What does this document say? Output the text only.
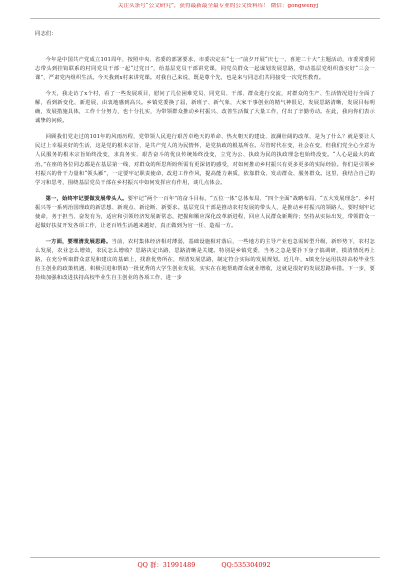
关注头条号“公文研究”，获得最新最全最专业的公文资料库！ 微信：gongwenyj

同志们：

今年是中国共产党成立101周年，按照中央、省委的部署要求，市委决定在“七一”前夕开展“庆七一、喜迎二十大”主题活动，市委常委同志带头到挂钩联系的村同党员干部一起“过党日”，给基层党员干部讲党课，同党员群众一起谋划发展思路，带动基层党组织落实好“三会一课”，严肃党内组织生活。今天我到x村来讲党课。对我自己来说，既是尊个先，也是来与同志们共同接受一次党性教育。

今天，我走访了x个村，看了一些发展项目，慰问了几位困难党员、同党员、干部、群众进行交流，对群众的生产、生活情况进行全面了解，看到新变化、新进展，由衷地感到高兴。乡镇党委换了届，新班子、新气象，大家干事创业的精气神很足，发展思路清晰，发展目标明确，发展措施具体，工作十分努力，也十分扎实，为带领群众推动乡村振兴、改善生活做了大量工作，付出了辛勤劳动。在此，我向你们表示诚挚的问候。

回顾我们党走过的101年的风雨历程，党带领人民进行艰苦卓绝天的革命、热火朝天的建设、波澜壮阔的改革，是为了什么？就是要让人民过上幸福美好的生活，这是党的根本宗旨，是共产党人的为民情怀，是党执政的根基所在。尽管时代在变，社会在变，但我们党全心全意为人民服务的根本宗旨始终没变，求真务实、艰苦奋斗的优良传统始终没变，立党为公、执政为民的执政理念也始终没变。“人心是最大的政治。”在座的各位同志都是在基层第一线，对群众的所思所盼所需有更深切的感受，对如何推动乡村振兴有更多更多的实际经验。你们是引领乡村振兴的骨干力量和“领头雁”，一定要牢记职责使命，改进工作作风，提高能力素质，依靠群众、发动群众、服务群众。这里，我结合自己的学习和思考，围绕基层党员干部在乡村振兴中如何发挥应有作用，谈几点体会。

第一，始终牢记要做发展带头人。要牢记“两个一百年”的奋斗目标，“五位一体”总体布局、“四个全面”战略布局、“五大发展理念”、乡村振兴等一系列治国理政的新思想、新观点、新论断、新要求。基层党员干部是推动农村发展的带头人，是推动乡村振兴的领路人，要时刻牢记使命，务于担当、奋发有为，适应和引领经济发展新常态，把握和顺应深化改革新进程，回应人民群众新期待；坚持从实际出发，带领群众一起做好扶贫开发各项工作，让老百姓生活越来越好，真正做到为官一任、造福一方。

一方面，要理清发展思路。当前，农村集体经济相对薄弱，基础设施相对落后，一些地方的主导产业也急需转型升级，新形势下，农村怎么发展，农业怎么增效，农民怎么增收？思路决定出路，思路清晰是关键。特别是乡镇党委，当务之急是要扑下身子搞调研，摸清情况再上路，在充分听取群众意见和建议的基础上，找准优势所在，理清发展思路，制定符合实际的发展规划。近几年，x镇充分运用扶持高校毕业生自主创业的政策机遇，积极引进和帮助一批优秀的大学生创业发展，实实在在地帮助群众就业增收，这就是很好的发展思路举措。下一步，要持续加强和改进扶持高校毕业生自主创业的各项工作，进一步

QQ 群：31991489	QQ:535304092
